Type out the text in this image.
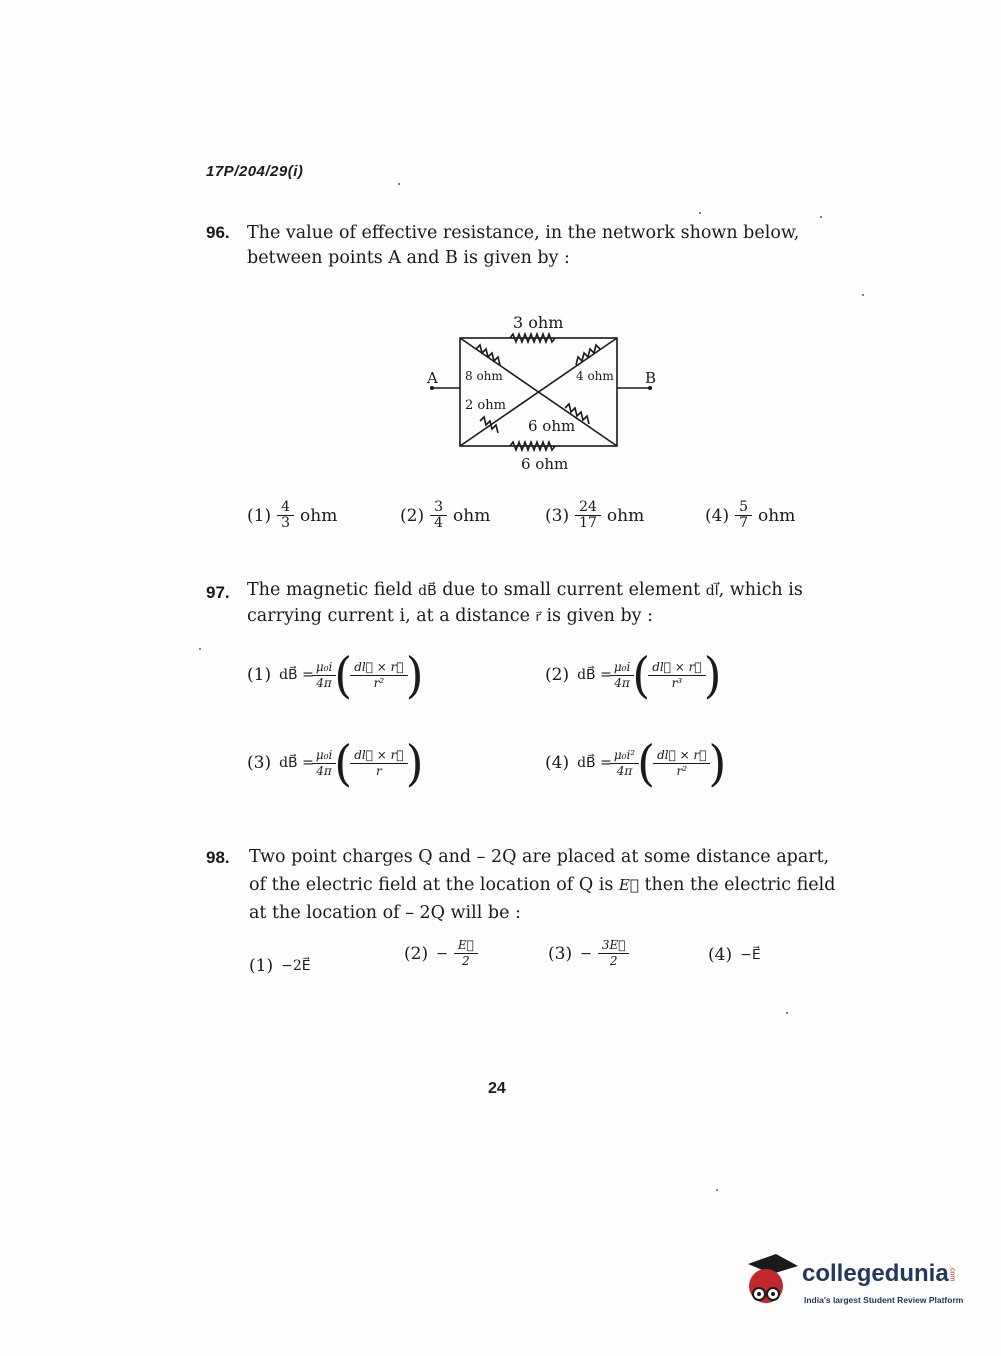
17P/204/29(i)
96. The value of effective resistance, in the network shown below,
between points A and B is given by :
3 ohm
8 ohm	4 ohm
2 ohm
6 ohm
6 ohm
A	B
$(1) \frac{4}{3}$ ohm	$(2) \frac{3}{4}$ ohm	$(3) \frac{24}{17}$ ohm	$(4) \frac{5}{7}$ ohm
97. The magnetic field dB⃗ due to small current element dl⃗, which is
carrying current i, at a distance r⃗ is given by :
(1) dB⃗ = $\frac{\text{μ₀i}}{4\pi}$ ( $\frac{dl⃗ \times r⃗}{\text{r²}}$ )	(2) dB⃗ = $\frac{\text{μ₀i}}{4\pi}$ ( $\frac{dl⃗ \times r⃗}{\text{r³}}$ )
(3) dB⃗ = $\frac{\text{μ₀i}}{4\pi}$ ( $\frac{dl⃗ \times r⃗}{r}$ )	(4) dB⃗ = $\frac{\text{μ₀i²}}{4\pi}$ ( $\frac{dl⃗ \times r⃗}{\text{r²}}$ )
98. Two point charges Q and – 2Q are placed at some distance apart,
of the electric field at the location of Q is E⃗ then the electric field
at the location of – 2Q will be :
(1) −2E⃗
$(2) - \frac{E⃗}{2}$	$(3) - \frac{3E⃗}{2}$	(4) −E⃗
24
collegedunia.com
India's largest Student Review Platform
